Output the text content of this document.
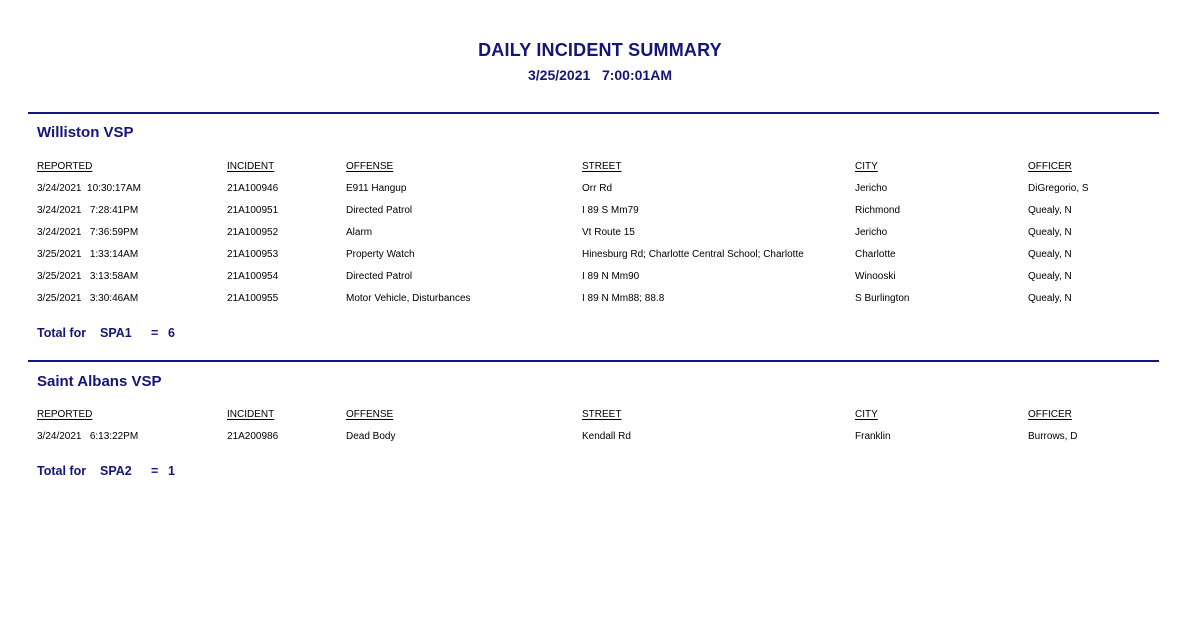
DAILY INCIDENT SUMMARY
3/25/2021   7:00:01AM
Williston VSP
REPORTED	INCIDENT	OFFENSE	STREET	CITY	OFFICER
3/24/2021  10:30:17AM	21A100946	E911 Hangup	Orr Rd	Jericho	DiGregorio, S
3/24/2021   7:28:41PM	21A100951	Directed Patrol	I 89 S Mm79	Richmond	Quealy, N
3/24/2021   7:36:59PM	21A100952	Alarm	Vt Route 15	Jericho	Quealy, N
3/25/2021   1:33:14AM	21A100953	Property Watch	Hinesburg Rd; Charlotte Central School; Charlotte	Charlotte	Quealy, N
3/25/2021   3:13:58AM	21A100954	Directed Patrol	I 89 N Mm90	Winooski	Quealy, N
3/25/2021   3:30:46AM	21A100955	Motor Vehicle, Disturbances	I 89 N Mm88; 88.8	S Burlington	Quealy, N

Total for

SPA1

=

6

Saint Albans VSP
REPORTED	INCIDENT	OFFENSE	STREET	CITY	OFFICER
3/24/2021   6:13:22PM	21A200986	Dead Body	Kendall Rd	Franklin	Burrows, D

Total for

SPA2

=

1
